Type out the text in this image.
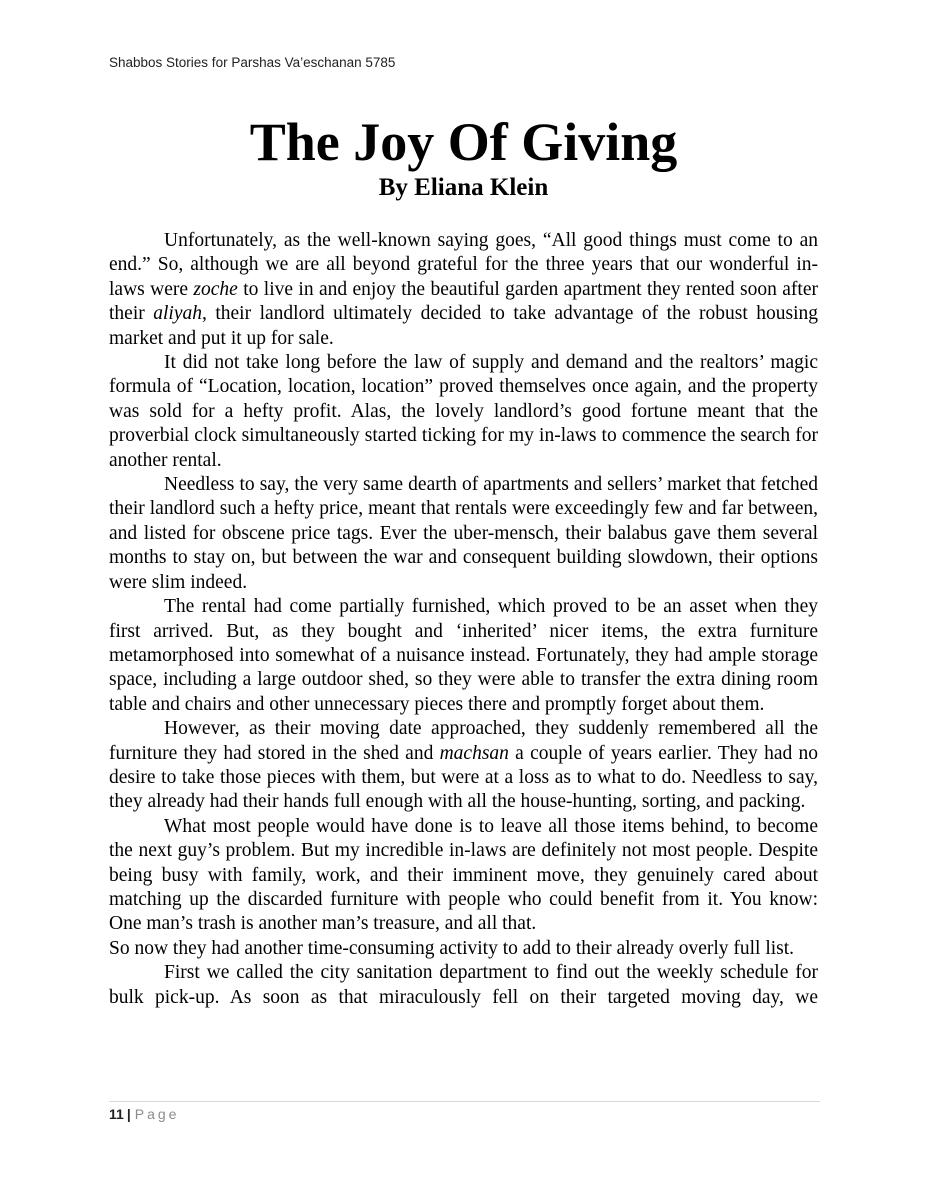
Shabbos Stories for Parshas Va’eschanan 5785
The Joy Of Giving
By Eliana Klein

Unfortunately, as the well-known saying goes, “All good things must come to an end.” So, although we are all beyond grateful for the three years that our wonderful in-laws were zoche to live in and enjoy the beautiful garden apartment they rented soon after their aliyah, their landlord ultimately decided to take advantage of the robust housing market and put it up for sale.

It did not take long before the law of supply and demand and the realtors’ magic formula of “Location, location, location” proved themselves once again, and the property was sold for a hefty profit. Alas, the lovely landlord’s good fortune meant that the proverbial clock simultaneously started ticking for my in-laws to commence the search for another rental.

Needless to say, the very same dearth of apartments and sellers’ market that fetched their landlord such a hefty price, meant that rentals were exceedingly few and far between, and listed for obscene price tags. Ever the uber-mensch, their balabus gave them several months to stay on, but between the war and consequent building slowdown, their options were slim indeed.

The rental had come partially furnished, which proved to be an asset when they first arrived. But, as they bought and ‘inherited’ nicer items, the extra furniture metamorphosed into somewhat of a nuisance instead. Fortunately, they had ample storage space, including a large outdoor shed, so they were able to transfer the extra dining room table and chairs and other unnecessary pieces there and promptly forget about them.

However, as their moving date approached, they suddenly remembered all the furniture they had stored in the shed and machsan a couple of years earlier. They had no desire to take those pieces with them, but were at a loss as to what to do. Needless to say, they already had their hands full enough with all the house-hunting, sorting, and packing.

What most people would have done is to leave all those items behind, to become the next guy’s problem. But my incredible in-laws are definitely not most people. Despite being busy with family, work, and their imminent move, they genuinely cared about matching up the discarded furniture with people who could benefit from it. You know: One man’s trash is another man’s treasure, and all that.

So now they had another time-consuming activity to add to their already overly full list.

First we called the city sanitation department to find out the weekly schedule for bulk pick-up. As soon as that miraculously fell on their targeted moving day, we

11 | Page
